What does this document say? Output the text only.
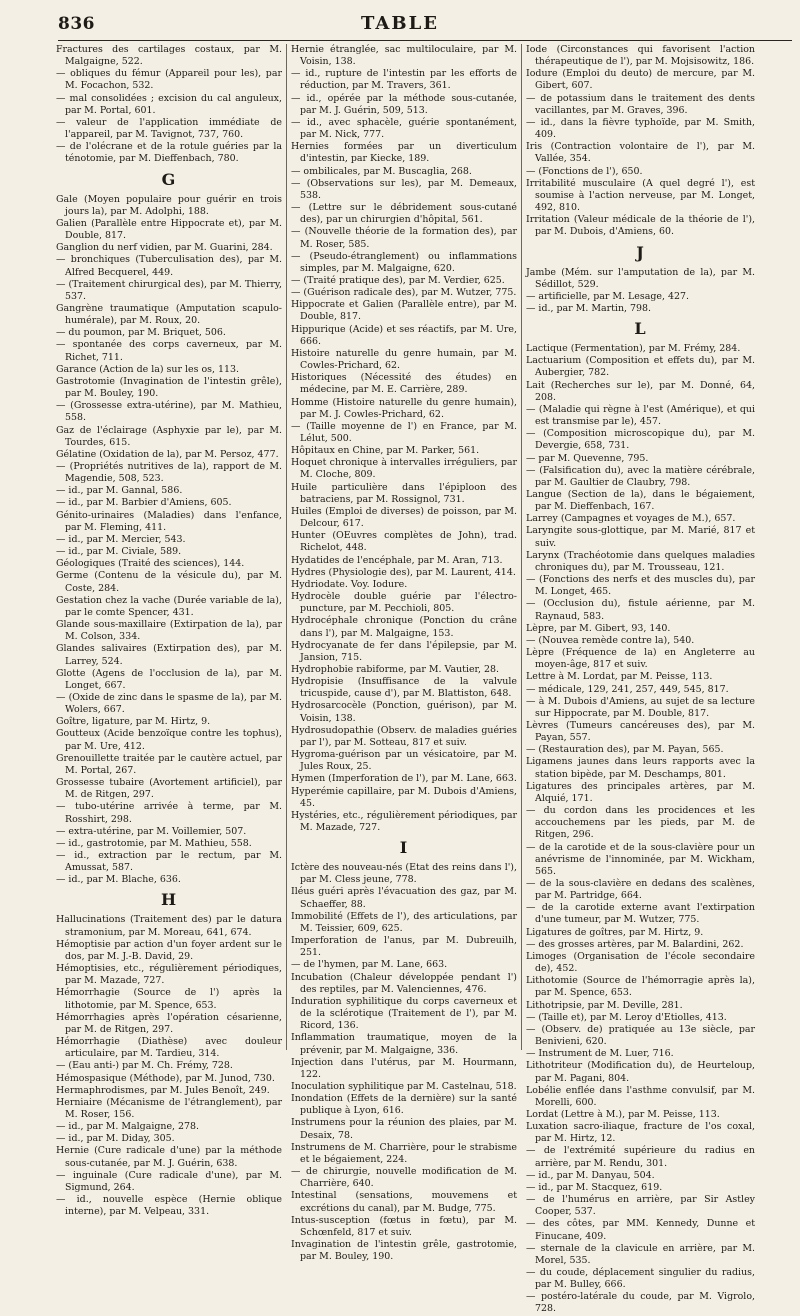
836	TABLE

Fractures des cartilages costaux, par M. Malgaigne, 522.

— obliques du fémur (Appareil pour les), par M. Focachon, 532.

— mal consolidées ; excision du cal anguleux, par M. Portal, 601.

— valeur de l'application immédiate de l'appareil, par M. Tavignot, 737, 760.

— de l'olécrane et de la rotule guéries par la ténotomie, par M. Dieffenbach, 780.

G

Gale (Moyen populaire pour guérir en trois jours la), par M. Adolphi, 188.

Galien (Parallèle entre Hippocrate et), par M. Double, 817.

Ganglion du nerf vidien, par M. Guarini, 284.

— bronchiques (Tuberculisation des), par M. Alfred Becquerel, 449.

— (Traitement chirurgical des), par M. Thierry, 537.

Gangrène traumatique (Amputation scapulo-humérale), par M. Roux, 20.

— du poumon, par M. Briquet, 506.

— spontanée des corps caverneux, par M. Richet, 711.

Garance (Action de la) sur les os, 113.

Gastrotomie (Invagination de l'intestin grêle), par M. Bouley, 190.

— (Grossesse extra-utérine), par M. Mathieu, 558.

Gaz de l'éclairage (Asphyxie par le), par M. Tourdes, 615.

Gélatine (Oxidation de la), par M. Persoz, 477.

— (Propriétés nutritives de la), rapport de M. Magendie, 508, 523.

— id., par M. Gannal, 586.

— id., par M. Barbier d'Amiens, 605.

Génito-urinaires (Maladies) dans l'enfance, par M. Fleming, 411.

— id., par M. Mercier, 543.

— id., par M. Civiale, 589.

Géologiques (Traité des sciences), 144.

Germe (Contenu de la vésicule du), par M. Coste, 284.

Gestation chez la vache (Durée variable de la), par le comte Spencer, 431.

Glande sous-maxillaire (Extirpation de la), par M. Colson, 334.

Glandes salivaires (Extirpation des), par M. Larrey, 524.

Glotte (Agens de l'occlusion de la), par M. Longet, 667.

— (Oxide de zinc dans le spasme de la), par M. Wolers, 667.

Goître, ligature, par M. Hirtz, 9.

Goutteux (Acide benzoïque contre les tophus), par M. Ure, 412.

Grenouillette traitée par le cautère actuel, par M. Portal, 267.

Grossesse tubaire (Avortement artificiel), par M. de Ritgen, 297.

— tubo-utérine arrivée à terme, par M. Rosshirt, 298.

— extra-utérine, par M. Voillemier, 507.

— id., gastrotomie, par M. Mathieu, 558.

— id., extraction par le rectum, par M. Amussat, 587.

— id., par M. Blache, 636.

H

Hallucinations (Traitement des) par le datura stramonium, par M. Moreau, 641, 674.

Hémoptisie par action d'un foyer ardent sur le dos, par M. J.-B. David, 29.

Hémoptisies, etc., régulièrement périodiques, par M. Mazade, 727.

Hémorrhagie (Source de l') après la lithotomie, par M. Spence, 653.

Hémorrhagies après l'opération césarienne, par M. de Ritgen, 297.

Hémorrhagie (Diathèse) avec douleur articulaire, par M. Tardieu, 314.

— (Eau anti-) par M. Ch. Frémy, 728.

Hémospasique (Méthode), par M. Junod, 730.

Hermaphrodismes, par M. Jules Benoît, 249.

Herniaire (Mécanisme de l'étranglement), par M. Roser, 156.

— id., par M. Malgaigne, 278.

— id., par M. Diday, 305.

Hernie (Cure radicale d'une) par la méthode sous-cutanée, par M. J. Guérin, 638.

— inguinale (Cure radicale d'une), par M. Sigmund, 264.

— id., nouvelle espèce (Hernie oblique interne), par M. Velpeau, 331.

Hernie étranglée, sac multiloculaire, par M. Voisin, 138.

— id., rupture de l'intestin par les efforts de réduction, par M. Travers, 361.

— id., opérée par la méthode sous-cutanée, par M. J. Guérin, 509, 513.

— id., avec sphacèle, guérie spontanément, par M. Nick, 777.

Hernies formées par un diverticulum d'intestin, par Kiecke, 189.

— ombilicales, par M. Buscaglia, 268.

— (Observations sur les), par M. Demeaux, 538.

— (Lettre sur le débridement sous-cutané des), par un chirurgien d'hôpital, 561.

— (Nouvelle théorie de la formation des), par M. Roser, 585.

— (Pseudo-étranglement) ou inflammations simples, par M. Malgaigne, 620.

— (Traité pratique des), par M. Verdier, 625.

— (Guérison radicale des), par M. Wutzer, 775.

Hippocrate et Galien (Parallèle entre), par M. Double, 817.

Hippurique (Acide) et ses réactifs, par M. Ure, 666.

Histoire naturelle du genre humain, par M. Cowles-Prichard, 62.

Historiques (Nécessité des études) en médecine, par M. E. Carrière, 289.

Homme (Histoire naturelle du genre humain), par M. J. Cowles-Prichard, 62.

— (Taille moyenne de l') en France, par M. Lélut, 500.

Hôpitaux en Chine, par M. Parker, 561.

Hoquet chronique à intervalles irréguliers, par M. Cloche, 809.

Huile particulière dans l'épiploon des batraciens, par M. Rossignol, 731.

Huiles (Emploi de diverses) de poisson, par M. Delcour, 617.

Hunter (OEuvres complètes de John), trad. Richelot, 448.

Hydatides de l'encéphale, par M. Aran, 713.

Hydres (Physiologie des), par M. Laurent, 414.

Hydriodate. Voy. Iodure.

Hydrocèle double guérie par l'électro-puncture, par M. Pecchioli, 805.

Hydrocéphale chronique (Ponction du crâne dans l'), par M. Malgaigne, 153.

Hydrocyanate de fer dans l'épilepsie, par M. Jansion, 715.

Hydrophobie rabiforme, par M. Vautier, 28.

Hydropisie (Insuffisance de la valvule tricuspide, cause d'), par M. Blattiston, 648.

Hydrosarcocèle (Ponction, guérison), par M. Voisin, 138.

Hydrosudopathie (Observ. de maladies guéries par l'), par M. Sotteau, 817 et suiv.

Hygroma-guérison par un vésicatoire, par M. Jules Roux, 25.

Hymen (Imperforation de l'), par M. Lane, 663.

Hyperémie capillaire, par M. Dubois d'Amiens, 45.

Hystéries, etc., régulièrement périodiques, par M. Mazade, 727.

I

Ictère des nouveau-nés (Etat des reins dans l'), par M. Cless jeune, 778.

Iléus guéri après l'évacuation des gaz, par M. Schaeffer, 88.

Immobilité (Effets de l'), des articulations, par M. Teissier, 609, 625.

Imperforation de l'anus, par M. Dubreuilh, 251.

— de l'hymen, par M. Lane, 663.

Incubation (Chaleur développée pendant l') des reptiles, par M. Valenciennes, 476.

Induration syphilitique du corps caverneux et de la sclérotique (Traitement de l'), par M. Ricord, 136.

Inflammation traumatique, moyen de la prévenir, par M. Malgaigne, 336.

Injection dans l'utérus, par M. Hourmann, 122.

Inoculation syphilitique par M. Castelnau, 518.

Inondation (Effets de la dernière) sur la santé publique à Lyon, 616.

Instrumens pour la réunion des plaies, par M. Desaix, 78.

Instrumens de M. Charrière, pour le strabisme et le bégaiement, 224.

— de chirurgie, nouvelle modification de M. Charrière, 640.

Intestinal (sensations, mouvemens et excrétions du canal), par M. Budge, 775.

Intus-susception (fœtus in fœtu), par M. Schœnfeld, 817 et suiv.

Invagination de l'intestin grêle, gastrotomie, par M. Bouley, 190.

Iode (Circonstances qui favorisent l'action thérapeutique de l'), par M. Mojsisowitz, 186.

Iodure (Emploi du deuto) de mercure, par M. Gibert, 607.

— de potassium dans le traitement des dents vacillantes, par M. Graves, 396.

— id., dans la fièvre typhoïde, par M. Smith, 409.

Iris (Contraction volontaire de l'), par M. Vallée, 354.

— (Fonctions de l'), 650.

Irritabilité musculaire (A quel degré l'), est soumise à l'action nerveuse, par M. Longet, 492, 810.

Irritation (Valeur médicale de la théorie de l'), par M. Dubois, d'Amiens, 60.

J

Jambe (Mém. sur l'amputation de la), par M. Sédillot, 529.

— artificielle, par M. Lesage, 427.

— id., par M. Martin, 798.

L

Lactique (Fermentation), par M. Frémy, 284.

Lactuarium (Composition et effets du), par M. Aubergier, 782.

Lait (Recherches sur le), par M. Donné, 64, 208.

— (Maladie qui règne à l'est (Amérique), et qui est transmise par le), 457.

— (Composition microscopique du), par M. Devergie, 658, 731.

— par M. Quevenne, 795.

— (Falsification du), avec la matière cérébrale, par M. Gaultier de Claubry, 798.

Langue (Section de la), dans le bégaiement, par M. Dieffenbach, 167.

Larrey (Campagnes et voyages de M.), 657.

Laryngite sous-glottique, par M. Marié, 817 et suiv.

Larynx (Trachéotomie dans quelques maladies chroniques du), par M. Trousseau, 121.

— (Fonctions des nerfs et des muscles du), par M. Longet, 465.

— (Occlusion du), fistule aérienne, par M. Raynaud, 583.

Lèpre, par M. Gibert, 93, 140.

— (Nouvea remède contre la), 540.

Lèpre (Fréquence de la) en Angleterre au moyen-âge, 817 et suiv.

Lettre à M. Lordat, par M. Peisse, 113.

— médicale, 129, 241, 257, 449, 545, 817.

— à M. Dubois d'Amiens, au sujet de sa lecture sur Hippocrate, par M. Double, 817.

Lèvres (Tumeurs cancéreuses des), par M. Payan, 557.

— (Restauration des), par M. Payan, 565.

Ligamens jaunes dans leurs rapports avec la station bipède, par M. Deschamps, 801.

Ligatures des principales artères, par M. Alquié, 171.

— du cordon dans les procidences et les accouchemens par les pieds, par M. de Ritgen, 296.

— de la carotide et de la sous-clavière pour un anévrisme de l'innominée, par M. Wickham, 565.

— de la sous-clavière en dedans des scalènes, par M. Partridge, 664.

— de la carotide externe avant l'extirpation d'une tumeur, par M. Wutzer, 775.

Ligatures de goîtres, par M. Hirtz, 9.

— des grosses artères, par M. Balardini, 262.

Limoges (Organisation de l'école secondaire de), 452.

Lithotomie (Source de l'hémorragie après la), par M. Spence, 653.

Lithotripsie, par M. Deville, 281.

— (Taille et), par M. Leroy d'Etiolles, 413.

— (Observ. de) pratiquée au 13e siècle, par Benivieni, 620.

— Instrument de M. Luer, 716.

Lithotriteur (Modification du), de Heurteloup, par M. Pagani, 804.

Lobélie enflée dans l'asthme convulsif, par M. Morelli, 600.

Lordat (Lettre à M.), par M. Peisse, 113.

Luxation sacro-iliaque, fracture de l'os coxal, par M. Hirtz, 12.

— de l'extrémité supérieure du radius en arrière, par M. Rendu, 301.

— id., par M. Danyau, 504.

— id., par M. Stacquez, 619.

— de l'humérus en arrière, par Sir Astley Cooper, 537.

— des côtes, par MM. Kennedy, Dunne et Finucane, 409.

— sternale de la clavicule en arrière, par M. Morel, 535.

— du coude, déplacement singulier du radius, par M. Bulley, 666.

— postéro-latérale du coude, par M. Vigrolo, 728.
